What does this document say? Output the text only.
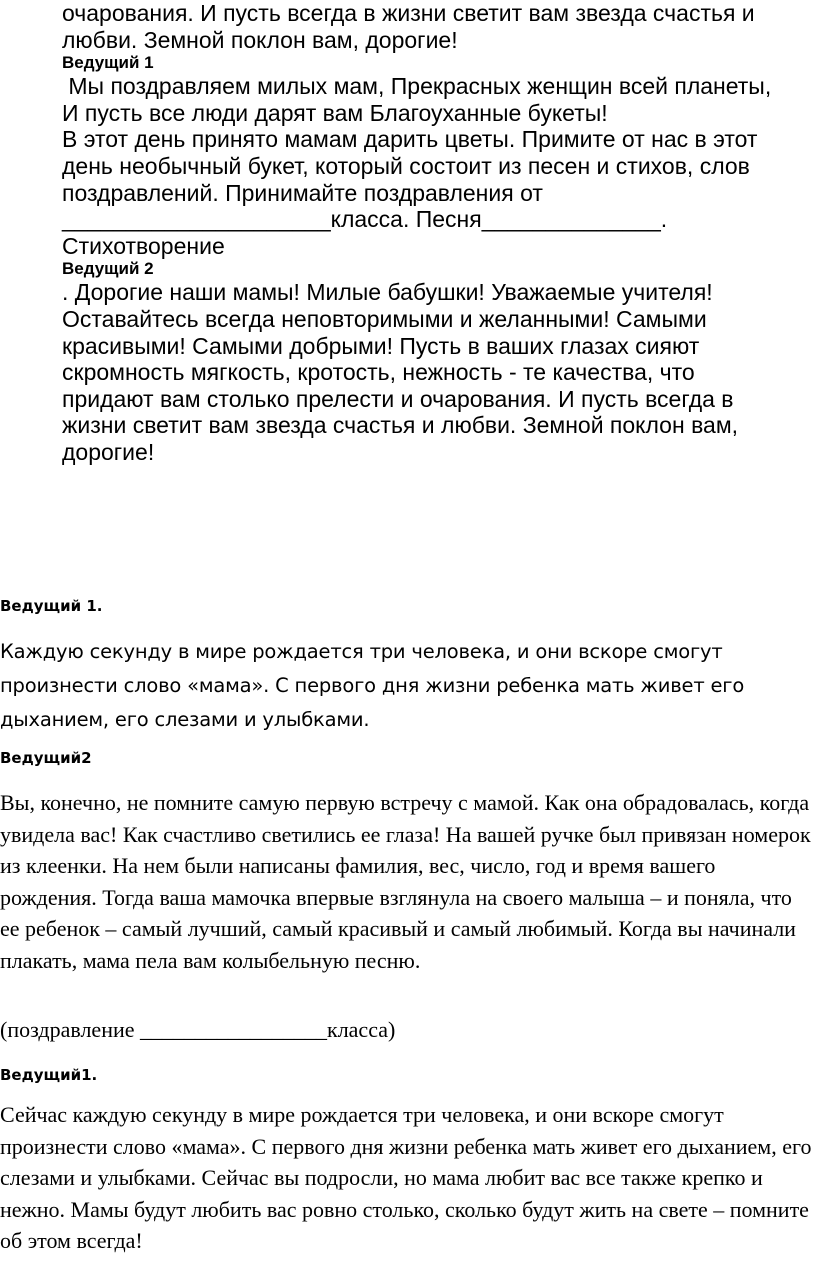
очарования. И пусть всегда в жизни светит вам звезда счастья и любви. Земной поклон вам, дорогие!

Ведущий 1

Мы поздравляем милых мам, Прекрасных женщин всей планеты, И пусть все люди дарят вам Благоуханные букеты!

В этот день принято мамам дарить цветы. Примите от нас в этот день необычный букет, который состоит из песен и стихов, слов поздравлений. Принимайте поздравления от

_____________________класса. Песня______________.

Стихотворение

Ведущий 2

. Дорогие наши мамы! Милые бабушки! Уважаемые учителя! Оставайтесь всегда неповторимыми и желанными! Самыми красивыми! Самыми добрыми! Пусть в ваших глазах сияют скромность мягкость, кротость, нежность - те качества, что придают вам столько прелести и очарования. И пусть всегда в жизни светит вам звезда счастья и любви. Земной поклон вам, дорогие!

Ведущий 1.

Каждую секунду в мире рождается три человека, и они вскоре смогут произнести слово «мама». С первого дня жизни ребенка мать живет его дыханием, его слезами и улыбками.

Ведущий2

Вы, конечно, не помните самую первую встречу с мамой. Как она обрадовалась, когда увидела вас! Как счастливо светились ее глаза! На вашей ручке был привязан номерок из клеенки. На нем были написаны фамилия, вес, число, год и время вашего рождения. Тогда ваша мамочка впервые взглянула на своего малыша – и поняла, что ее ребенок – самый лучший, самый красивый и самый любимый. Когда вы начинали плакать, мама пела вам колыбельную песню.

(поздравление _________________класса)

Ведущий1.

Сейчас каждую секунду в мире рождается три человека, и они вскоре смогут произнести слово «мама». С первого дня жизни ребенка мать живет его дыханием, его слезами и улыбками. Сейчас вы подросли, но мама любит вас все также крепко и нежно. Мамы будут любить вас ровно столько, сколько будут жить на свете – помните об этом всегда!
